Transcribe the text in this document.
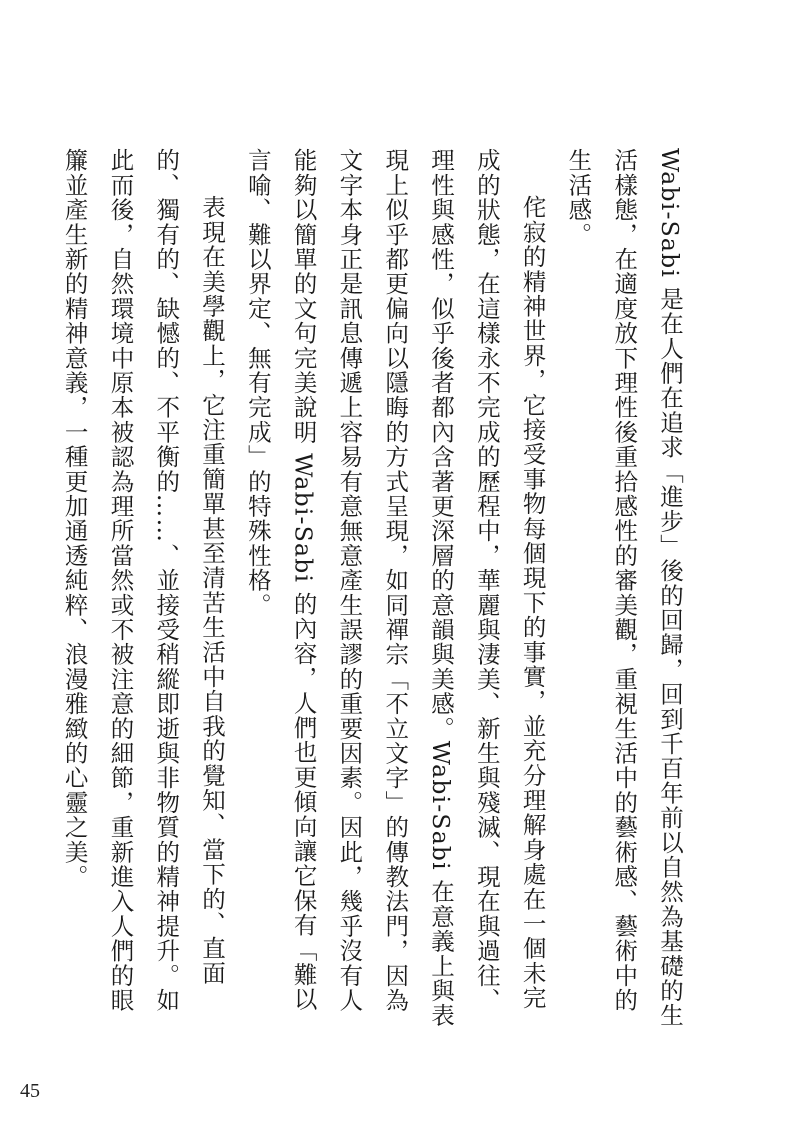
Wabi-Sabi 是在人們在追求「進步」後的回歸，回到千百年前以自然為基礎的生活樣態，在適度放下理性後重拾感性的審美觀，重視生活中的藝術感、藝術中的生活感。

侘寂的精神世界，它接受事物每個現下的事實，並充分理解身處在一個未完成的狀態，在這樣永不完成的歷程中，華麗與淒美、新生與殘滅、現在與過往、理性與感性，似乎後者都內含著更深層的意韻與美感。Wabi-Sabi 在意義上與表現上似乎都更偏向以隱晦的方式呈現，如同禪宗「不立文字」的傳教法門，因為文字本身正是訊息傳遞上容易有意無意產生誤謬的重要因素。因此，幾乎沒有人能夠以簡單的文句完美說明 Wabi-Sabi 的內容，人們也更傾向讓它保有「難以言喻、難以界定、無有完成」的特殊性格。

表現在美學觀上，它注重簡單甚至清苦生活中自我的覺知、當下的、直面的、獨有的、缺憾的、不平衡的……、並接受稍縱即逝與非物質的精神提升。如此而後，自然環境中原本被認為理所當然或不被注意的細節，重新進入人們的眼簾並產生新的精神意義，一種更加通透純粹、浪漫雅緻的心靈之美。

45
